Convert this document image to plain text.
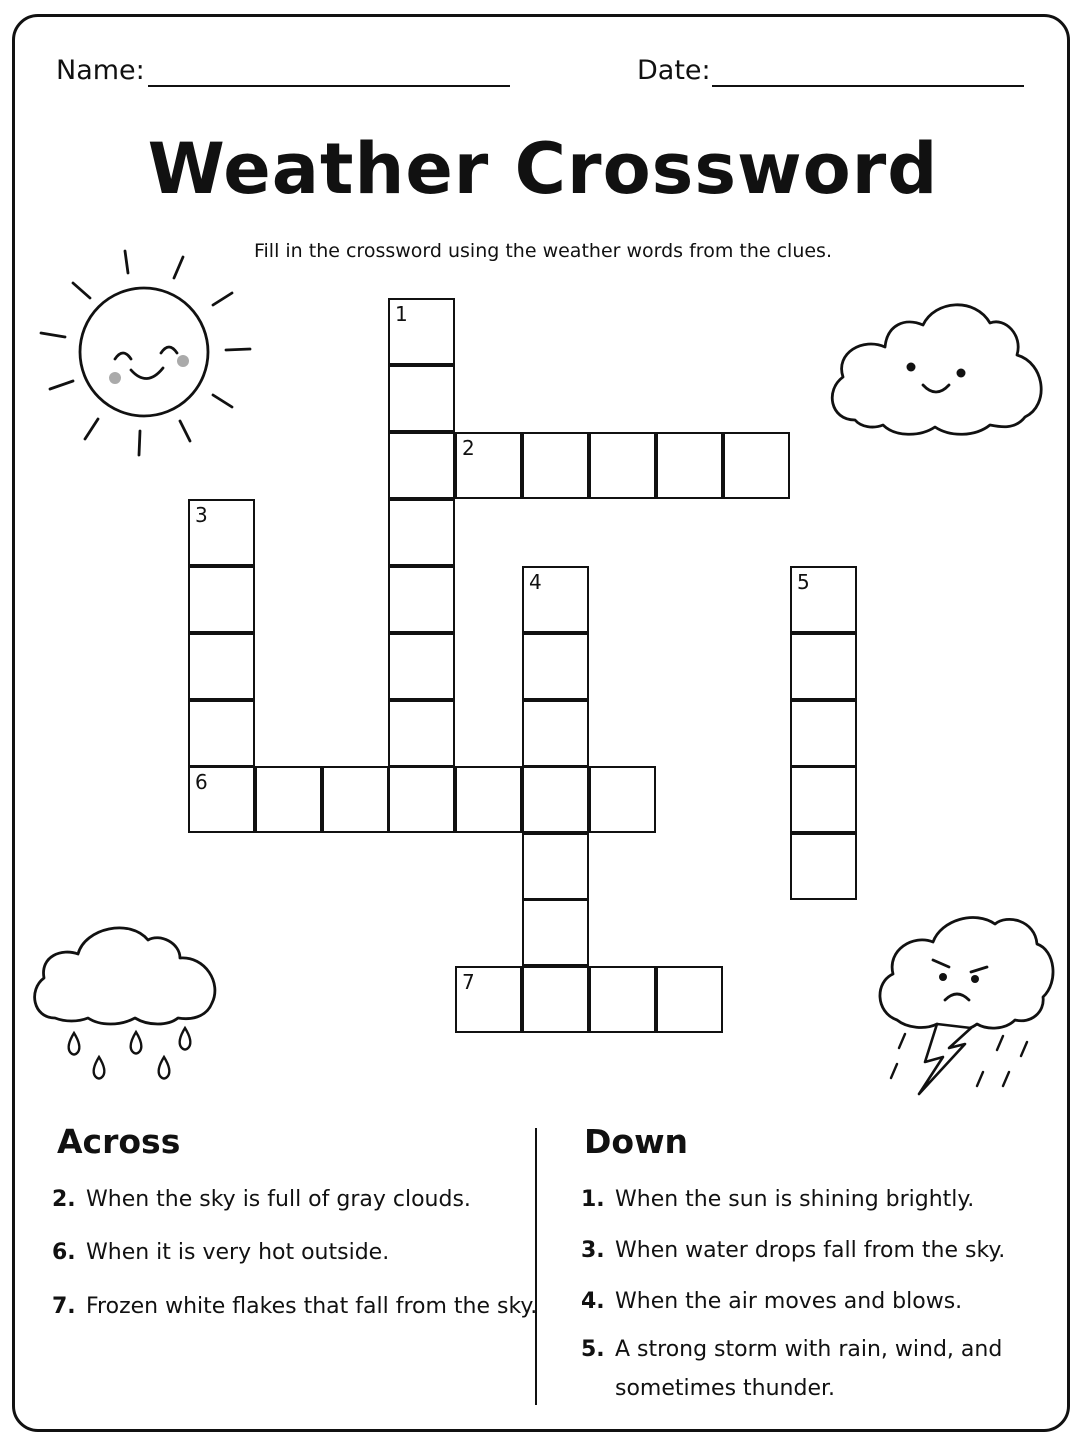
Name:	Date:
Weather Crossword
Fill in the crossword using the weather words from the clues.
1
2
3
4	5
6
7
Across
2. When the sky is full of gray clouds.
6. When it is very hot outside.
7. Frozen white flakes that fall from the sky.
Down
1. When the sun is shining brightly.
3. When water drops fall from the sky.
4. When the air moves and blows.
5. A strong storm with rain, wind, and
sometimes thunder.
